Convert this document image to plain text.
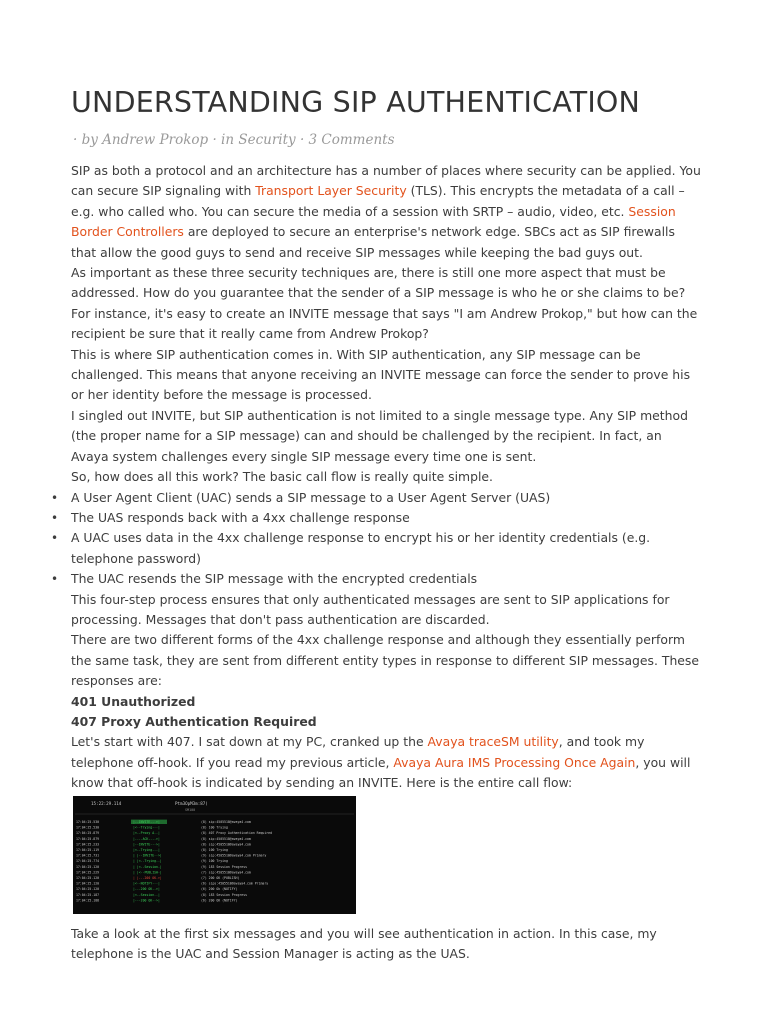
UNDERSTANDING SIP AUTHENTICATION
· by Andrew Prokop · in Security · 3 Comments

SIP as both a protocol and an architecture has a number of places where security can be applied. You can secure SIP signaling with Transport Layer Security (TLS). This encrypts the metadata of a call – e.g. who called who. You can secure the media of a session with SRTP – audio, video, etc. Session Border Controllers are deployed to secure an enterprise's network edge. SBCs act as SIP firewalls that allow the good guys to send and receive SIP messages while keeping the bad guys out.

As important as these three security techniques are, there is still one more aspect that must be addressed. How do you guarantee that the sender of a SIP message is who he or she claims to be? For instance, it's easy to create an INVITE message that says "I am Andrew Prokop," but how can the recipient be sure that it really came from Andrew Prokop?

This is where SIP authentication comes in. With SIP authentication, any SIP message can be challenged. This means that anyone receiving an INVITE message can force the sender to prove his or her identity before the message is processed.

I singled out INVITE, but SIP authentication is not limited to a single message type. Any SIP method (the proper name for a SIP message) can and should be challenged by the recipient. In fact, an Avaya system challenges every single SIP message every time one is sent.

So, how does all this work? The basic call flow is really quite simple.

• A User Agent Client (UAC) sends a SIP message to a User Agent Server (UAS)
• The UAS responds back with a 4xx challenge response
• A UAC uses data in the 4xx challenge response to encrypt his or her identity credentials (e.g. telephone password)
• The UAC resends the SIP message with the encrypted credentials

This four-step process ensures that only authenticated messages are sent to SIP applications for processing. Messages that don't pass authentication are discarded.

There are two different forms of the 4xx challenge response and although they essentially perform the same task, they are sent from different entity types in response to different SIP messages. These responses are:

401 Unauthorized

407 Proxy Authentication Required

Let's start with 407. I sat down at my PC, cranked up the Avaya traceSM utility, and took my telephone off-hook. If you read my previous article, Avaya Aura IMS Processing Once Again, you will know that off-hook is indicated by sending an INVITE. Here is the entire call flow:

15:22:29.114	Ptm3OpM3m:87)
SM100
17:04:25.530	|--INVITE--->|	(8) sip:4505518@avaya4.com
17:04:25.530	|<--Trying---|	(8) 100 Trying
17:04:25.879	|<--Proxy A--|	(8) 407 Proxy Authentication Required
17:04:25.879	|----ACK---->|	(8) sip:4505518@avaya4.com
17:04:25.233	|--INVITE--->|	(8) sip:4505518@avaya4.com
17:04:25.119	|<--Trying---|	(8) 100 Trying
17:04:25.731	| |--INVITE-->|	(9) sip:4505518@avaya4.com Primary
17:04:25.774	| |<--Trying--|	(9) 100 Trying
17:04:25.120	| |<--Session-|	(9) 183 Session Progress
17:04:25.229	| |<--PUBLISH-|	(7) sip:4505518@avaya4.com
17:04:25.120	| |---200 OK->|	(7) 200 OK (PUBLISH)
17:04:25.120	|<--NOTIFY---|	(6) sips:4505518@avaya4.com Primary
17:04:25.120	|---200 OK-->|	(6) 200 Ok (NOTIFY)
17:04:25.187	|<--Session--|	(8) 183 Session Progress
17:04:25.188	|---200 OK-->|	(6) 200 OK (NOTIFY)

Take a look at the first six messages and you will see authentication in action. In this case, my telephone is the UAC and Session Manager is acting as the UAS.
